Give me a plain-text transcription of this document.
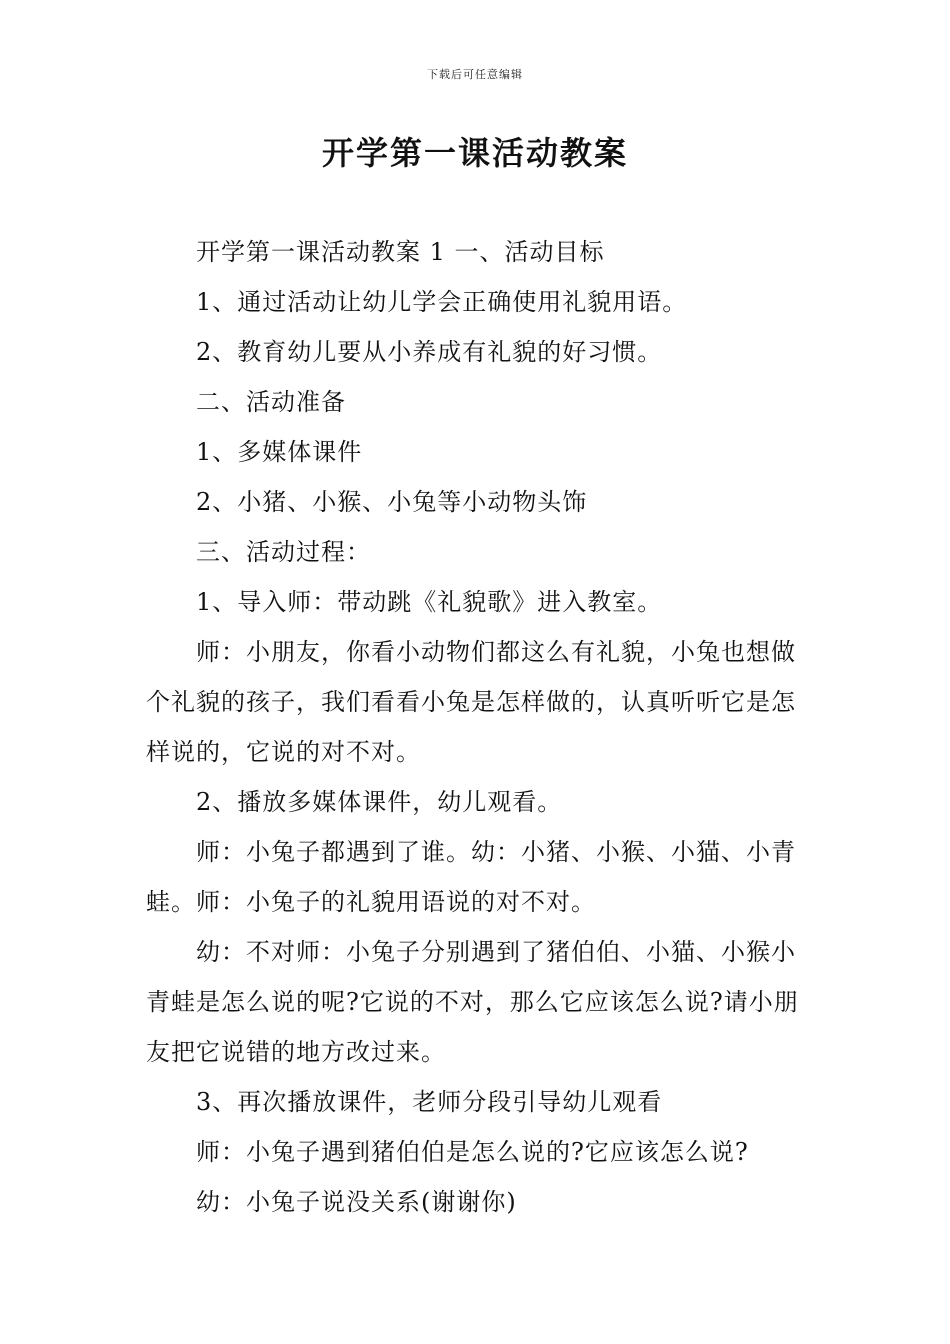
下载后可任意编辑
开学第一课活动教案

开学第一课活动教案 1 一、活动目标

1、通过活动让幼儿学会正确使用礼貌用语。

2、教育幼儿要从小养成有礼貌的好习惯。

二、活动准备

1、多媒体课件

2、小猪、小猴、小兔等小动物头饰

三、活动过程：

1、导入师：带动跳《礼貌歌》进入教室。

师：小朋友，你看小动物们都这么有礼貌，小兔也想做个礼貌的孩子，我们看看小兔是怎样做的，认真听听它是怎样说的，它说的对不对。

2、播放多媒体课件，幼儿观看。

师：小兔子都遇到了谁。幼：小猪、小猴、小猫、小青蛙。师：小兔子的礼貌用语说的对不对。

幼：不对师：小兔子分别遇到了猪伯伯、小猫、小猴小青蛙是怎么说的呢?它说的不对，那么它应该怎么说?请小朋友把它说错的地方改过来。

3、再次播放课件，老师分段引导幼儿观看

师：小兔子遇到猪伯伯是怎么说的?它应该怎么说?

幼：小兔子说没关系(谢谢你)
